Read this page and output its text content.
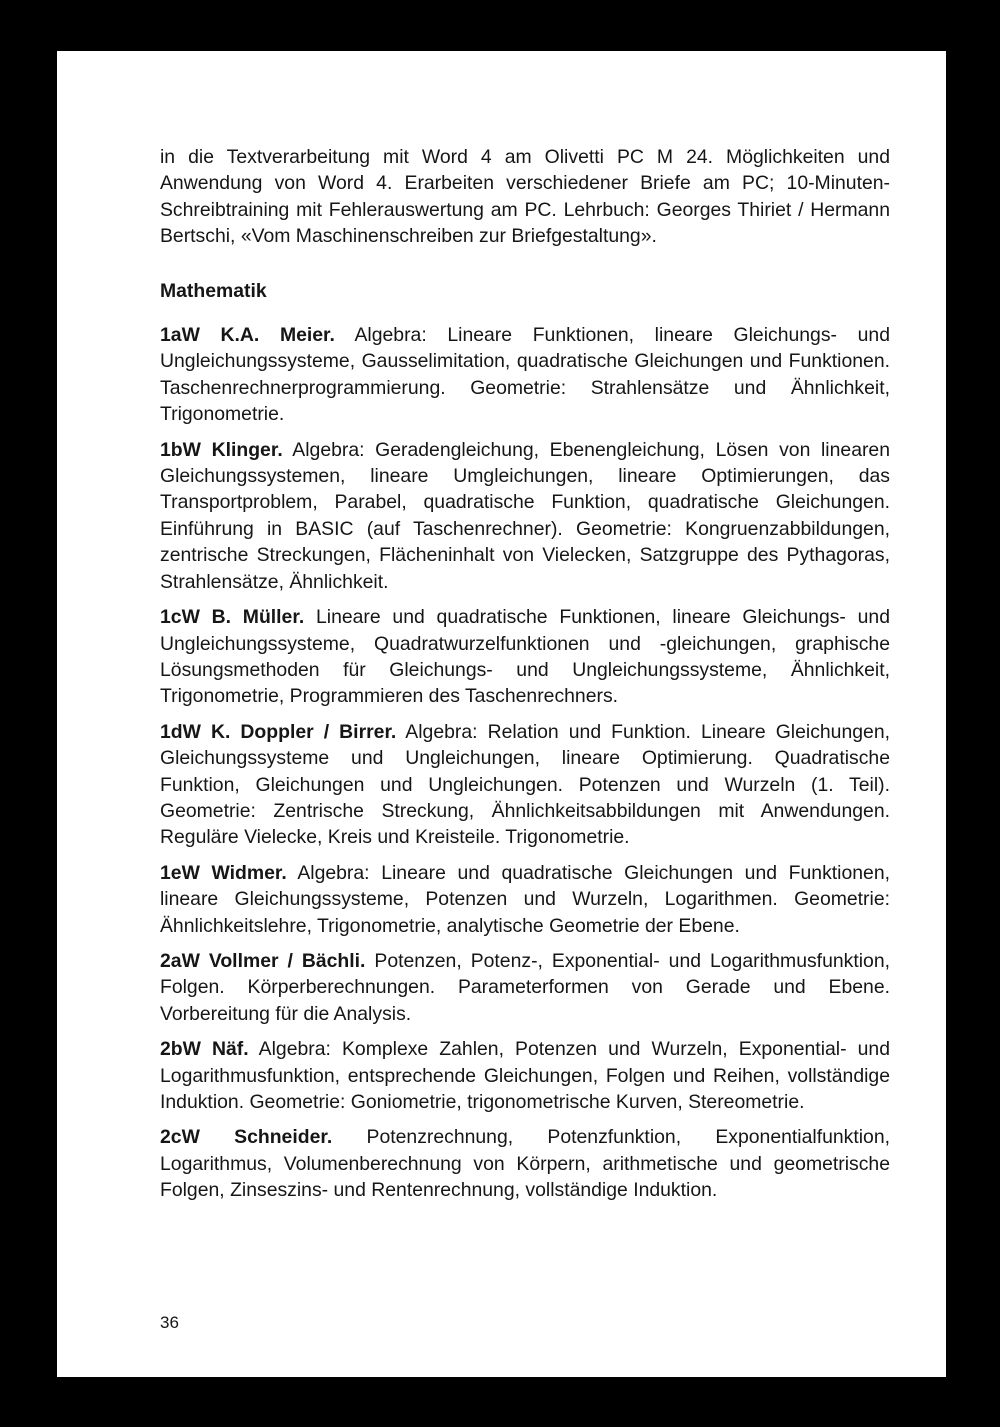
in die Textverarbeitung mit Word 4 am Olivetti PC M 24. Möglichkeiten und Anwendung von Word 4. Erarbeiten verschiedener Briefe am PC; 10-Minuten-Schreibtraining mit Fehlerauswertung am PC. Lehrbuch: Georges Thiriet / Hermann Bertschi, «Vom Maschinenschreiben zur Briefgestaltung».

Mathematik

1aW K.A. Meier. Algebra: Lineare Funktionen, lineare Gleichungs- und Ungleichungssysteme, Gausselimitation, quadratische Gleichungen und Funktionen. Taschenrechnerprogrammierung. Geometrie: Strahlensätze und Ähnlichkeit, Trigonometrie.

1bW Klinger. Algebra: Geradengleichung, Ebenengleichung, Lösen von linearen Gleichungssystemen, lineare Umgleichungen, lineare Optimierungen, das Transportproblem, Parabel, quadratische Funktion, quadratische Gleichungen. Einführung in BASIC (auf Taschenrechner). Geometrie: Kongruenzabbildungen, zentrische Streckungen, Flächeninhalt von Vielecken, Satzgruppe des Pythagoras, Strahlensätze, Ähnlichkeit.

1cW B. Müller. Lineare und quadratische Funktionen, lineare Gleichungs- und Ungleichungssysteme, Quadratwurzelfunktionen und -gleichungen, graphische Lösungsmethoden für Gleichungs- und Ungleichungssysteme, Ähnlichkeit, Trigonometrie, Programmieren des Taschenrechners.

1dW K. Doppler / Birrer. Algebra: Relation und Funktion. Lineare Gleichungen, Gleichungssysteme und Ungleichungen, lineare Optimierung. Quadratische Funktion, Gleichungen und Ungleichungen. Potenzen und Wurzeln (1. Teil). Geometrie: Zentrische Streckung, Ähnlichkeitsabbildungen mit Anwendungen. Reguläre Vielecke, Kreis und Kreisteile. Trigonometrie.

1eW Widmer. Algebra: Lineare und quadratische Gleichungen und Funktionen, lineare Gleichungssysteme, Potenzen und Wurzeln, Logarithmen. Geometrie: Ähnlichkeitslehre, Trigonometrie, analytische Geometrie der Ebene.

2aW Vollmer / Bächli. Potenzen, Potenz-, Exponential- und Logarithmusfunktion, Folgen. Körperberechnungen. Parameterformen von Gerade und Ebene. Vorbereitung für die Analysis.

2bW Näf. Algebra: Komplexe Zahlen, Potenzen und Wurzeln, Exponential- und Logarithmusfunktion, entsprechende Gleichungen, Folgen und Reihen, vollständige Induktion. Geometrie: Goniometrie, trigonometrische Kurven, Stereometrie.

2cW Schneider. Potenzrechnung, Potenzfunktion, Exponentialfunktion, Logarithmus, Volumenberechnung von Körpern, arithmetische und geometrische Folgen, Zinseszins- und Rentenrechnung, vollständige Induktion.

36
